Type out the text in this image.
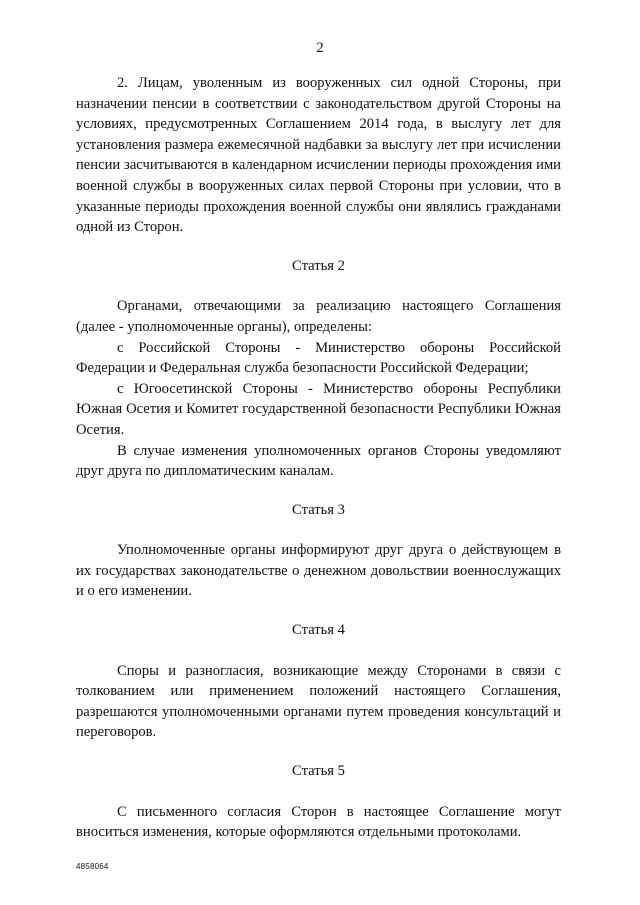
2

2. Лицам, уволенным из вооруженных сил одной Стороны, при назначении пенсии в соответствии с законодательством другой Стороны на условиях, предусмотренных Соглашением 2014 года, в выслугу лет для установления размера ежемесячной надбавки за выслугу лет при исчислении пенсии засчитываются в календарном исчислении периоды прохождения ими военной службы в вооруженных силах первой Стороны при условии, что в указанные периоды прохождения военной службы они являлись гражданами одной из Сторон.

Статья 2

Органами, отвечающими за реализацию настоящего Соглашения (далее - уполномоченные органы), определены:

с Российской Стороны - Министерство обороны Российской Федерации и Федеральная служба безопасности Российской Федерации;

с Югоосетинской Стороны - Министерство обороны Республики Южная Осетия и Комитет государственной безопасности Республики Южная Осетия.

В случае изменения уполномоченных органов Стороны уведомляют друг друга по дипломатическим каналам.

Статья 3

Уполномоченные органы информируют друг друга о действующем в их государствах законодательстве о денежном довольствии военнослужащих и о его изменении.

Статья 4

Споры и разногласия, возникающие между Сторонами в связи с толкованием или применением положений настоящего Соглашения, разрешаются уполномоченными органами путем проведения консультаций и переговоров.

Статья 5

С письменного согласия Сторон в настоящее Соглашение могут вноситься изменения, которые оформляются отдельными протоколами.

4858064
